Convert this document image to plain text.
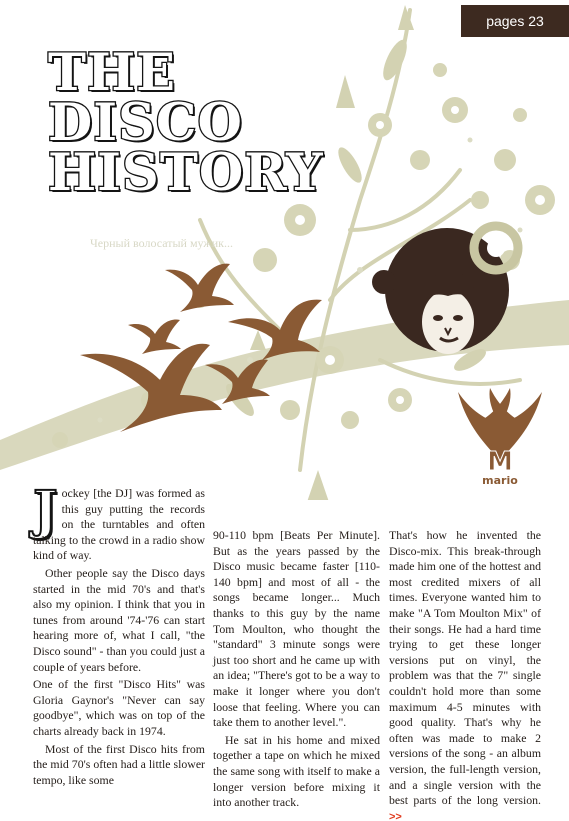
M
mario
pages 23
THE
DISCO
HISTORY
Черный волосатый мужик...

Jockey [the DJ] was formed as this guy putting the records on the turntables and often talking to the crowd in a radio show kind of way.

Other people say the Disco days started in the mid 70's and that's also my opinion. I think that you in tunes from around '74-'76 can start hearing more of, what I call, "the Disco sound" - than you could just a couple of years before.

One of the first "Disco Hits" was Gloria Gaynor's "Never can say goodbye", which was on top of the charts already back in 1974.

Most of the first Disco hits from the mid 70's often had a little slower tempo, like some

90-110 bpm [Beats Per Minute]. But as the years passed by the Disco music became faster [110-140 bpm] and most of all - the songs became longer... Much thanks to this guy by the name Tom Moulton, who thought the "standard" 3 minute songs were just too short and he came up with an idea; "There's got to be a way to make it longer where you don't loose that feeling. Where you can take them to another level.".

He sat in his home and mixed together a tape on which he mixed the same song with itself to make a longer version before mixing it into another track.

That's how he invented the Disco-mix. This break-through made him one of the hottest and most credited mixers of all times. Everyone wanted him to make "A Tom Moulton Mix" of their songs. He had a hard time trying to get these longer versions put on vinyl, the problem was that the 7" single couldn't hold more than some maximum 4-5 minutes with good quality. That's why he often was made to make 2 versions of the song - an album version, the full-length version, and a single version with the best parts of the long version. >>
